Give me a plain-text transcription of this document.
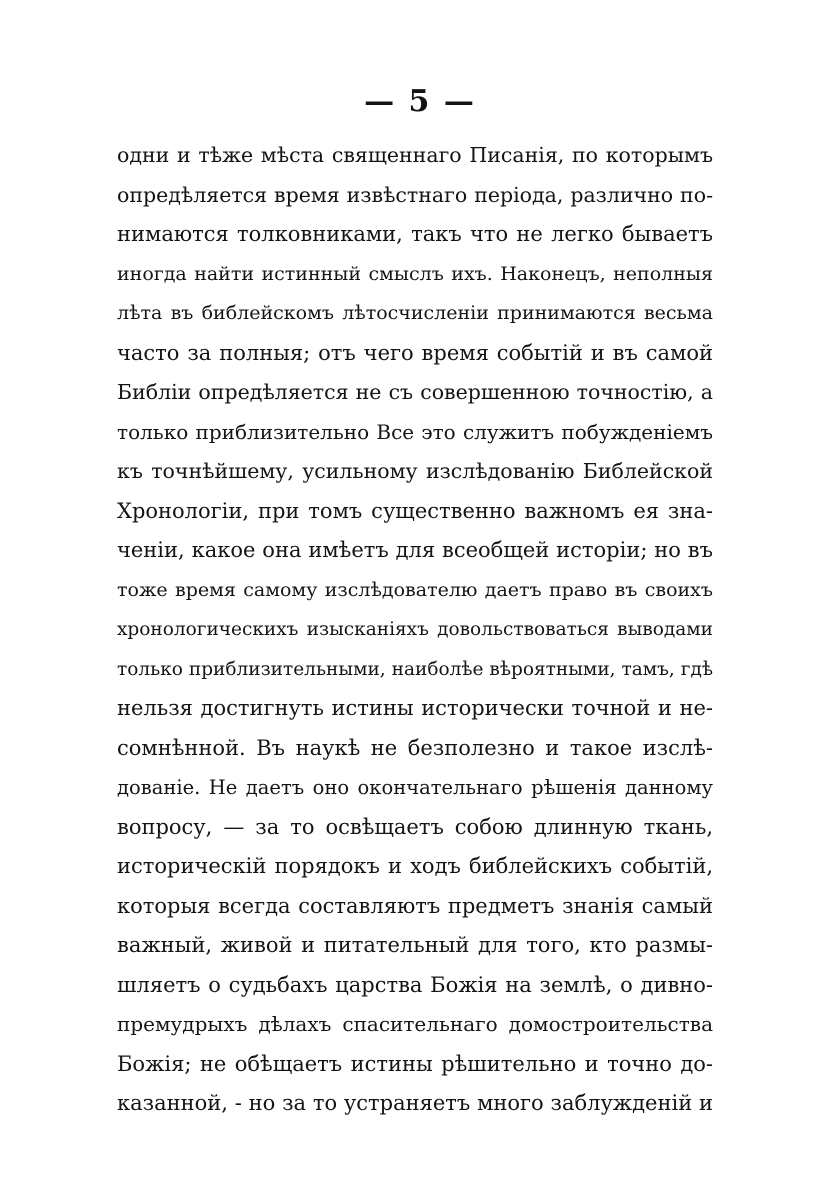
— 5 —
одни и тѣже мѣста священнаго Писанія, по которымъ
опредѣляется время извѣстнаго періода, различно по-
нимаются толковниками, такъ что не легко бываетъ
иногда найти истинный смыслъ ихъ. Наконецъ, неполныя
лѣта въ библейскомъ лѣтосчисленіи принимаются весьма
часто за полныя; отъ чего время событій и въ самой
Библіи опредѣляется не съ совершенною точностію, а
только приблизительно Все это служитъ побужденіемъ
къ точнѣйшему, усильному изслѣдованію Библейской
Хронологіи, при томъ существенно важномъ ея зна-
ченіи, какое она имѣетъ для всеобщей исторіи; но въ
тоже время самому изслѣдователю даетъ право въ своихъ
хронологическихъ изысканіяхъ довольствоваться выводами
только приблизительными, наиболѣе вѣроятными, тамъ, гдѣ
нельзя достигнуть истины исторически точной и не-
сомнѣнной. Въ наукѣ не безполезно и такое изслѣ-
дованіе. Не даетъ оно окончательнаго рѣшенія данному
вопросу, — за то освѣщаетъ собою длинную ткань,
историческій порядокъ и ходъ библейскихъ событій,
которыя всегда составляютъ предметъ знанія самый
важный, живой и питательный для того, кто размы-
шляетъ о судьбахъ царства Божія на землѣ, о дивно-
премудрыхъ дѣлахъ спасительнаго домостроительства
Божія; не обѣщаетъ истины рѣшительно и точно до-
казанной, - но за то устраняетъ много заблужденій и
